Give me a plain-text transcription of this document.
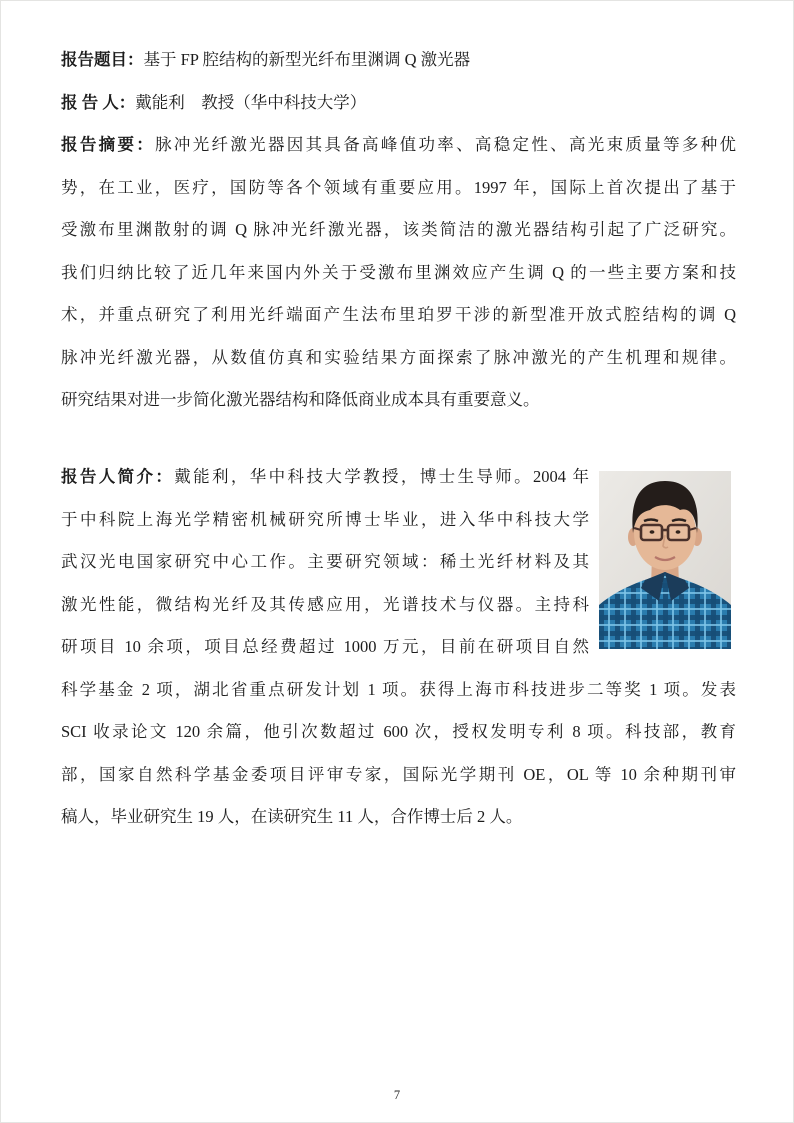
报告题目：基于 FP 腔结构的新型光纤布里渊调 Q 激光器
报 告 人：戴能利　教授（华中科技大学）
报告摘要：脉冲光纤激光器因其具备高峰值功率、高稳定性、高光束质量等多种优
势，在工业，医疗，国防等各个领域有重要应用。1997 年，国际上首次提出了基于
受激布里渊散射的调 Q 脉冲光纤激光器，该类简洁的激光器结构引起了广泛研究。
我们归纳比较了近几年来国内外关于受激布里渊效应产生调 Q 的一些主要方案和技
术，并重点研究了利用光纤端面产生法布里珀罗干涉的新型准开放式腔结构的调 Q
脉冲光纤激光器，从数值仿真和实验结果方面探索了脉冲激光的产生机理和规律。
研究结果对进一步简化激光器结构和降低商业成本具有重要意义。
报告人简介：戴能利，华中科技大学教授，博士生导师。2004 年
于中科院上海光学精密机械研究所博士毕业，进入华中科技大学
武汉光电国家研究中心工作。主要研究领域：稀土光纤材料及其
激光性能，微结构光纤及其传感应用，光谱技术与仪器。主持科
研项目 10 余项，项目总经费超过 1000 万元，目前在研项目自然
科学基金 2 项，湖北省重点研发计划 1 项。获得上海市科技进步二等奖 1 项。发表
SCI 收录论文 120 余篇，他引次数超过 600 次，授权发明专利 8 项。科技部，教育
部，国家自然科学基金委项目评审专家，国际光学期刊 OE，OL 等 10 余种期刊审
稿人，毕业研究生 19 人，在读研究生 11 人，合作博士后 2 人。
7
